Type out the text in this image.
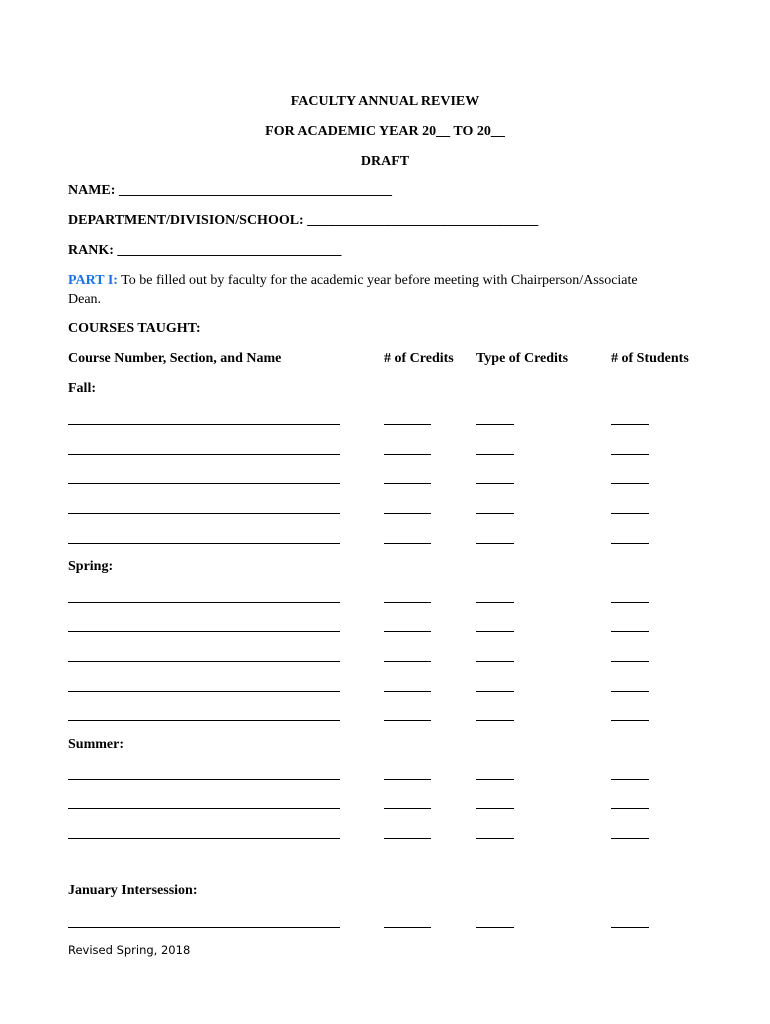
FACULTY ANNUAL REVIEW
FOR ACADEMIC YEAR 20__ TO 20__
DRAFT
NAME: _______________________________________
DEPARTMENT/DIVISION/SCHOOL: _________________________________
RANK: ________________________________
PART I: To be filled out by faculty for the academic year before meeting with Chairperson/Associate
Dean.
COURSES TAUGHT:
Course Number, Section, and Name	# of Credits Type of Credits	# of Students
Fall:
Spring:
Summer:
January Intersession:
Revised Spring, 2018
